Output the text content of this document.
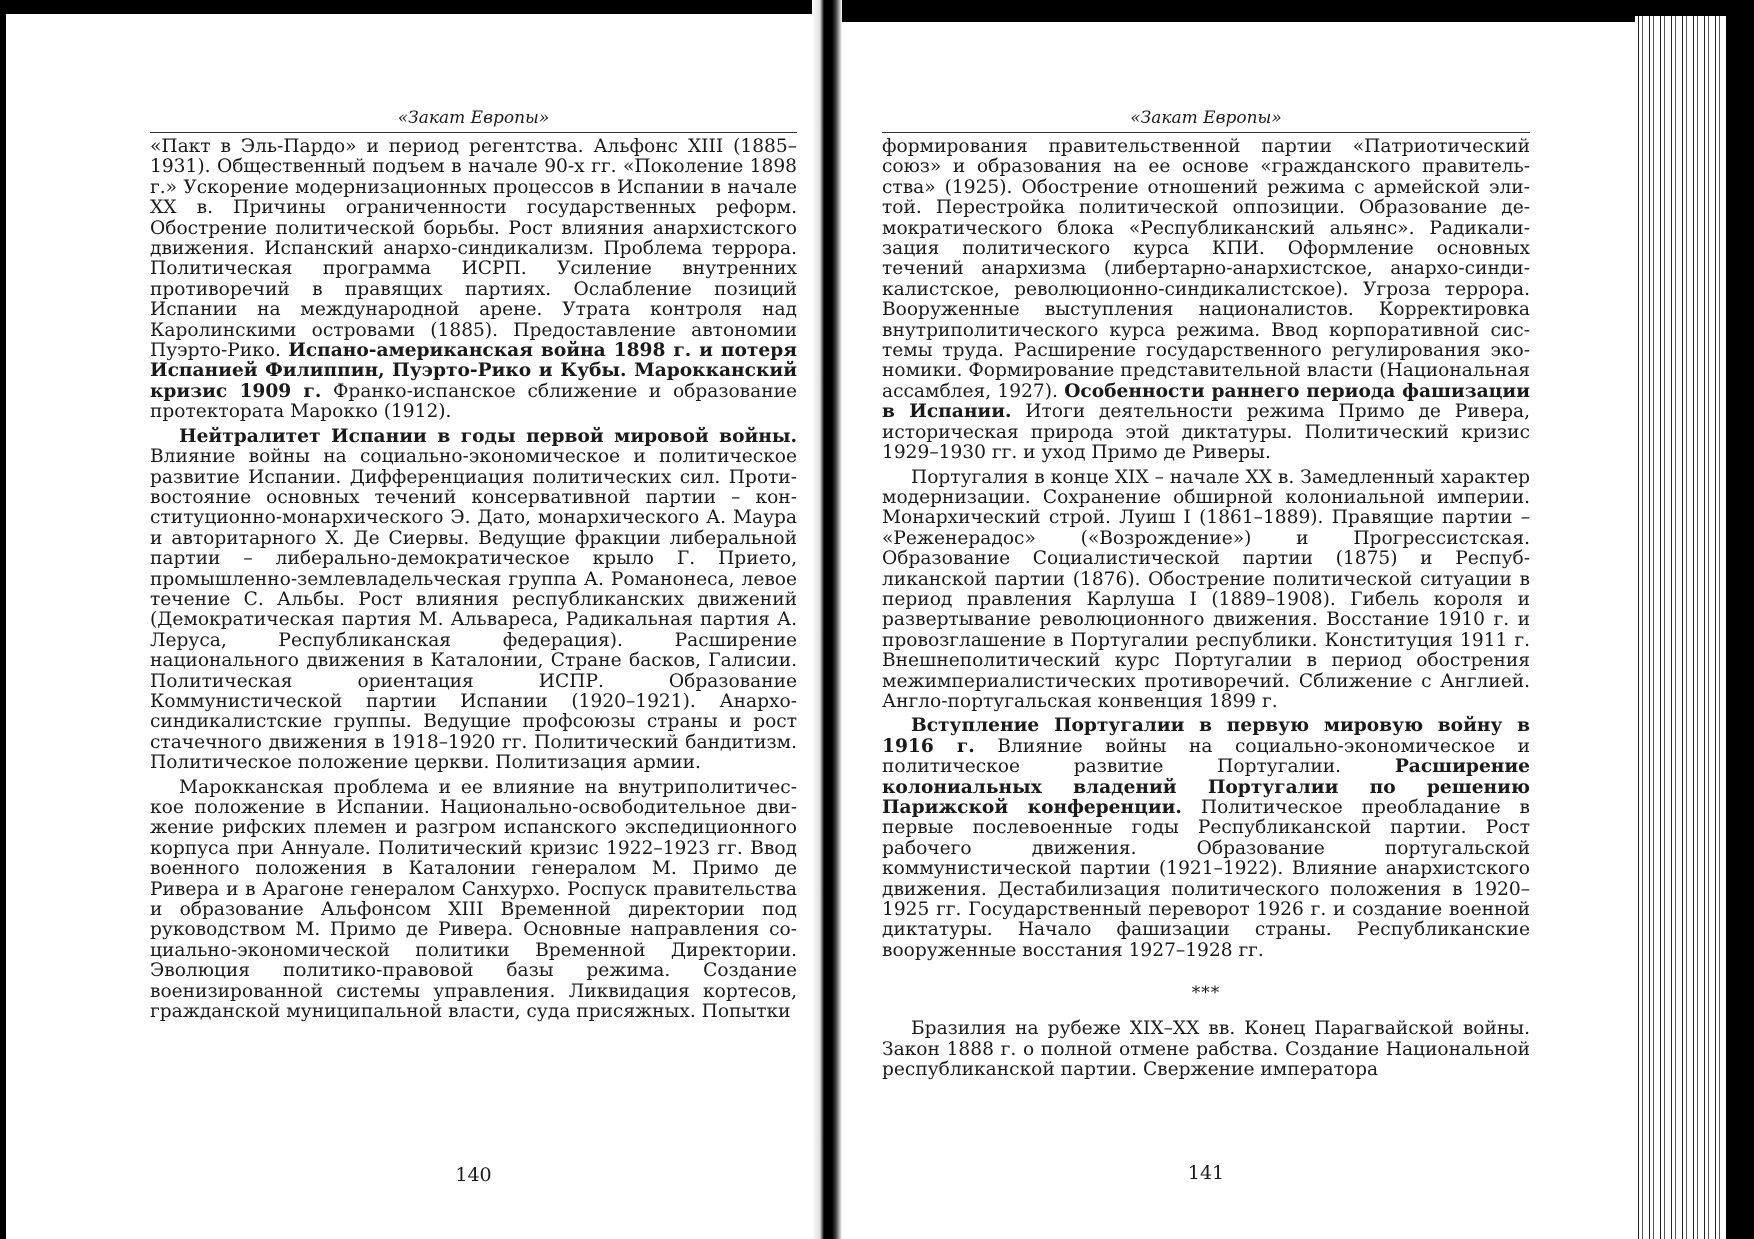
«Закат Европы»

«Пакт в Эль-Пардо» и период регентства. Альфонс XIII (1885–1931). Общественный подъем в начале 90-х гг. «Поколение 1898 г.» Ускорение модернизационных процессов в Испании в начале XX в. Причины ограниченности государственных реформ. Обострение политической борьбы. Рост влияния анархистского движения. Испанский анархо-синдикализм. Проблема террора. Политическая программа ИСРП. Усиление внутренних противоречий в правящих партиях. Ослабление позиций Испании на международной арене. Утрата контроля над Каролинскими островами (1885). Предоставление автономии Пуэрто-Рико. Испано-американская война 1898 г. и потеря Испанией Филиппин, Пуэрто-Рико и Кубы. Марокканский кризис 1909 г. Франко-испанское сближение и образование протектората Марокко (1912).

Нейтралитет Испании в годы первой мировой войны. Влияние войны на социально-экономическое и политическое развитие Испании. Дифференциация политических сил. Противостояние основных течений консервативной партии – конституционно-монархического Э. Дато, монархического А. Маура и авторитарного Х. Де Сиервы. Ведущие фракции либеральной партии – либерально-демократическое крыло Г. Прието, промышленно-землевладельческая группа А. Романонеса, левое течение С. Альбы. Рост влияния республиканских движений (Демократическая партия М. Альвареса, Радикальная партия А. Леруса, Республиканская федерация). Расширение национального движения в Каталонии, Стране басков, Галисии. Политическая ориентация ИСПР. Образование Коммунистической партии Испании (1920–1921). Анархо-синдикалистские группы. Ведущие профсоюзы страны и рост стачечного движения в 1918–1920 гг. Политический бандитизм. Политическое положение церкви. Политизация армии.

Марокканская проблема и ее влияние на внутриполитическое положение в Испании. Национально-освободительное движение рифских племен и разгром испанского экспедиционного корпуса при Аннуале. Политический кризис 1922–1923 гг. Ввод военного положения в Каталонии генералом М. Примо де Ривера и в Арагоне генералом Санхурхо. Роспуск правительства и образование Альфонсом XIII Временной директории под руководством М. Примо де Ривера. Основные направления социально-экономической политики Временной Директории. Эволюция политико-правовой базы режима. Создание военизированной системы управления. Ликвидация кортесов, гражданской муниципальной власти, суда присяжных. Попытки

«Закат Европы»

формирования правительственной партии «Патриотический союз» и образования на ее основе «гражданского правительства» (1925). Обострение отношений режима с армейской элитой. Перестройка политической оппозиции. Образование демократического блока «Республиканский альянс». Радикализация политического курса КПИ. Оформление основных течений анархизма (либертарно-анархистское, анархо-синдикалистское, революционно-синдикалистское). Угроза террора. Вооруженные выступления националистов. Корректировка внутриполитического курса режима. Ввод корпоративной системы труда. Расширение государственного регулирования экономики. Формирование представительной власти (Национальная ассамблея, 1927). Особенности раннего периода фашизации в Испании. Итоги деятельности режима Примо де Ривера, историческая природа этой диктатуры. Политический кризис 1929–1930 гг. и уход Примо де Риверы.

Португалия в конце XIX – начале XX в. Замедленный характер модернизации. Сохранение обширной колониальной империи. Монархический строй. Луиш I (1861–1889). Правящие партии – «Реженерадос» («Возрождение») и Прогрессистская. Образование Социалистической партии (1875) и Республиканской партии (1876). Обострение политической ситуации в период правления Карлуша I (1889–1908). Гибель короля и развертывание революционного движения. Восстание 1910 г. и провозглашение в Португалии республики. Конституция 1911 г. Внешнеполитический курс Португалии в период обострения межимпериалистических противоречий. Сближение с Англией. Англо-португальская конвенция 1899 г.

Вступление Португалии в первую мировую войну в 1916 г. Влияние войны на социально-экономическое и политическое развитие Португалии. Расширение колониальных владений Португалии по решению Парижской конференции. Политическое преобладание в первые послевоенные годы Республиканской партии. Рост рабочего движения. Образование португальской коммунистической партии (1921–1922). Влияние анархистского движения. Дестабилизация политического положения в 1920–1925 гг. Государственный переворот 1926 г. и создание военной диктатуры. Начало фашизации страны. Республиканские вооруженные восстания 1927–1928 гг.

***

Бразилия на рубеже XIX–XX вв. Конец Парагвайской войны. Закон 1888 г. о полной отмене рабства. Создание Национальной республиканской партии. Свержение императора

140	141
